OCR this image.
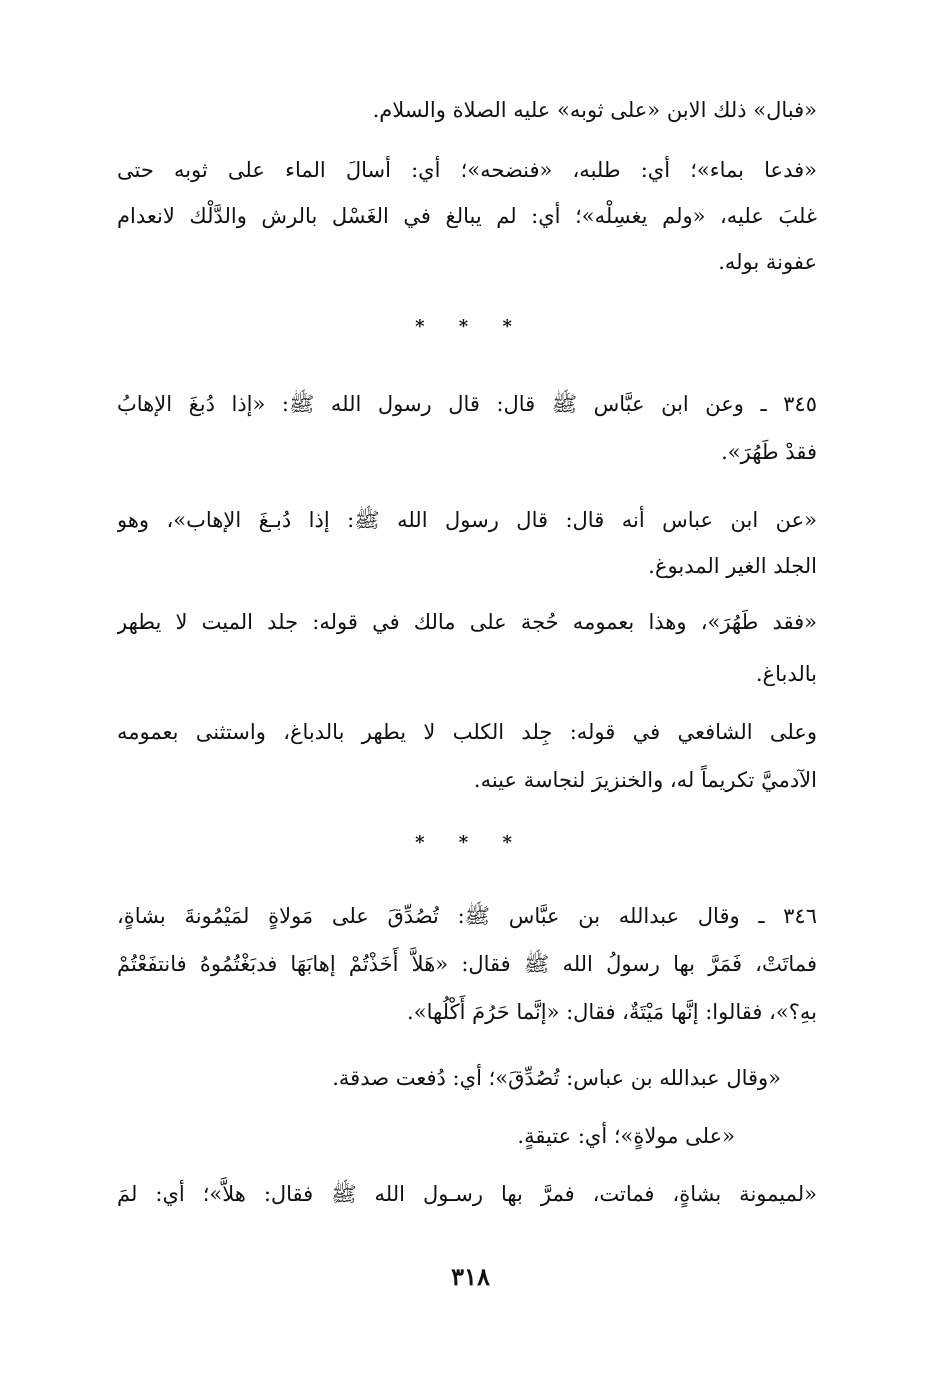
«فبال» ذلك الابن «على ثوبه» عليه الصلاة والسلام.
«فدعا بماء»؛ أي: طلبه، «فنضحه»؛ أي: أسالَ الماء على ثوبه حتى
غلبَ عليه، «ولم يغسِلْه»؛ أي: لم يبالغ في الغَسْل بالرش والدَّلْك لانعدام
عفونة بوله.
* * *
٣٤٥ ـ وعن ابن عبَّاس ﷺ قال: قال رسول الله ﷺ: «إذا دُبغَ الإهابُ
فقدْ طَهُرَ».
«عن ابن عباس أنه قال: قال رسول الله ﷺ: إذا دُبـغَ الإهاب»، وهو
الجلد الغير المدبوغ.
«فقد طَهُرَ»، وهذا بعمومه حُجة على مالك في قوله: جلد الميت لا يطهر
بالدباغ.
وعلى الشافعي في قوله: جِلد الكلب لا يطهر بالدباغ، واستثنى بعمومه
الآدميَّ تكريماً له، والخنزيرَ لنجاسة عينه.
* * *
٣٤٦ ـ وقال عبدالله بن عبَّاس ﷺ: تُصُدِّقَ على مَولاةٍ لمَيْمُونةَ بشاةٍ،
فماتَتْ، فَمَرَّ بها رسولُ الله ﷺ فقال: «هَلاَّ أَخَذْتُمْ إهابَهَا فدبَغْتُمُوهُ فانتفَعْتُمْ
بهِ؟»، فقالوا: إنَّها مَيْتَةٌ، فقال: «إنَّما حَرُمَ أَكْلُها».
«وقال عبدالله بن عباس: تُصُدِّقَ»؛ أي: دُفعت صدقة.
«على مولاةٍ»؛ أي: عتيقةٍ.
«لميمونة بشاةٍ، فماتت، فمرَّ بها رسـول الله ﷺ فقال: هلاَّ»؛ أي: لمَ
٣١٨
